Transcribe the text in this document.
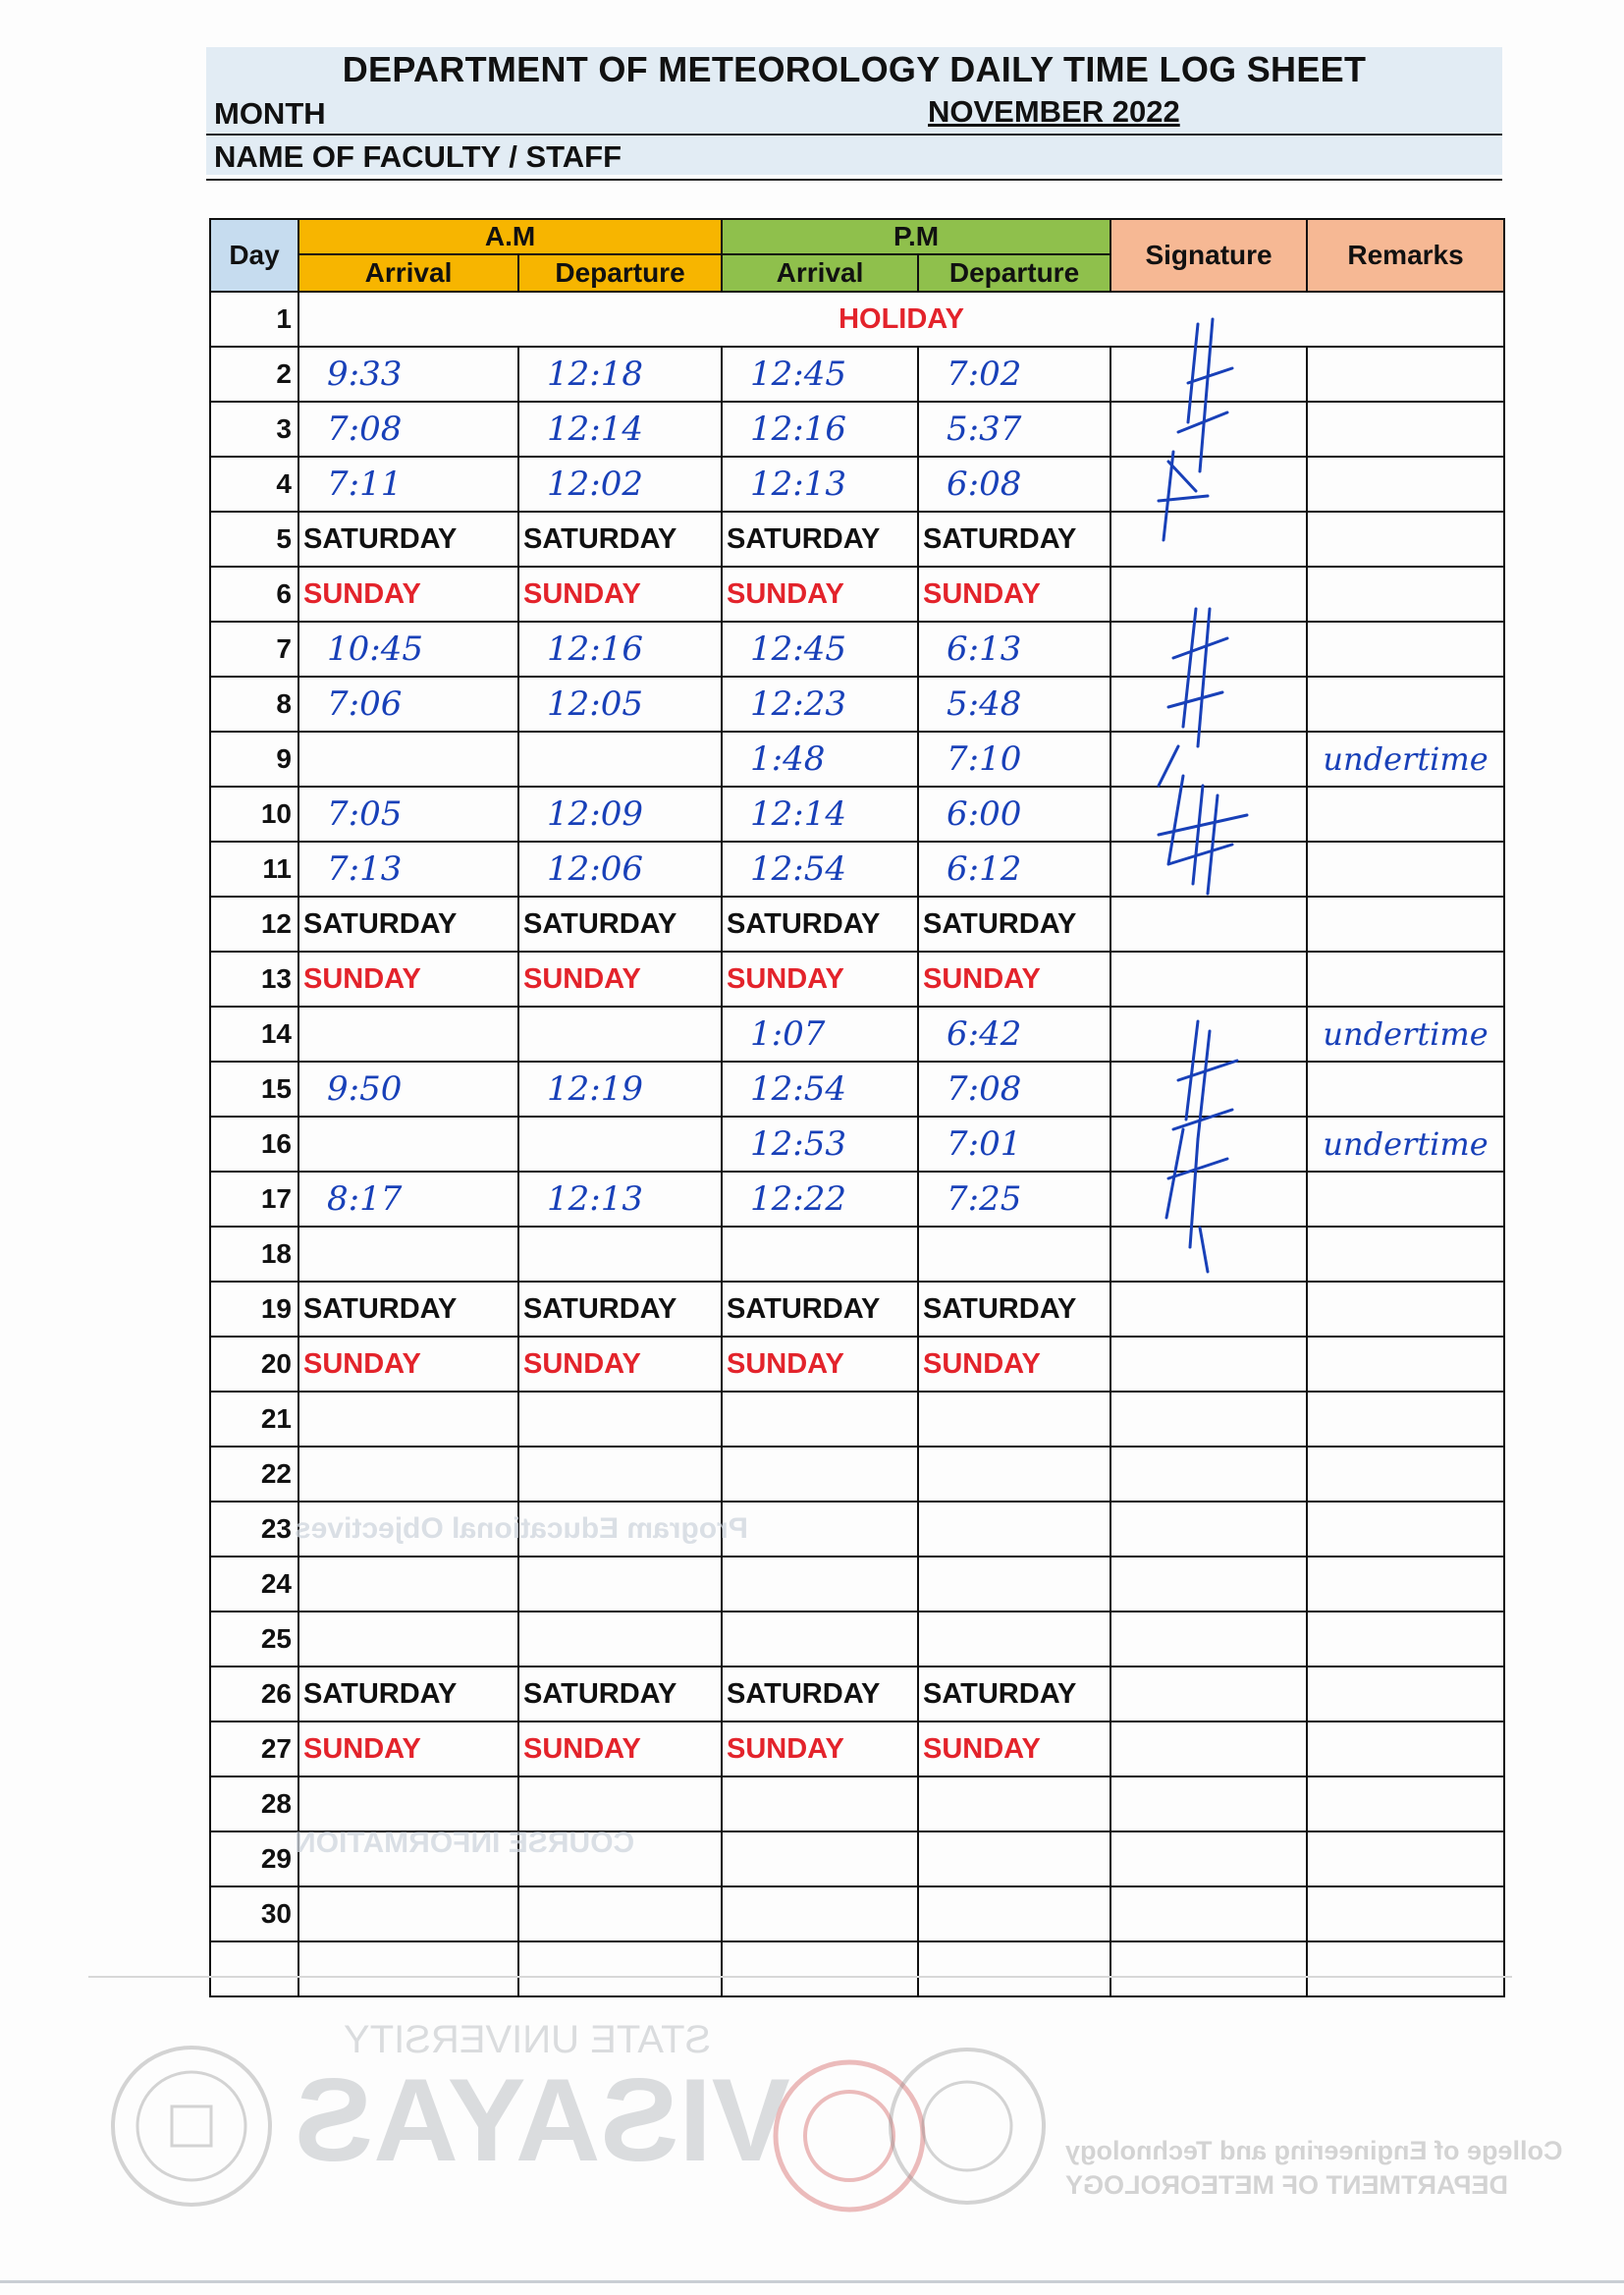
DEPARTMENT OF METEOROLOGY DAILY TIME LOG SHEET
MONTH	NOVEMBER 2022
NAME OF FACULTY / STAFF
Day	A.M		P.M		Signature	Remarks
	Arrival	Departure	Arrival	Departure		
1	HOLIDAY					
2	9:33	12:18	12:45	7:02		
3	7:08	12:14	12:16	5:37		
4	7:11	12:02	12:13	6:08		
5	SATURDAY	SATURDAY	SATURDAY	SATURDAY		
6	SUNDAY	SUNDAY	SUNDAY	SUNDAY		
7	10:45	12:16	12:45	6:13		
8	7:06	12:05	12:23	5:48		
9			1:48	7:10		undertime
10	7:05	12:09	12:14	6:00		
11	7:13	12:06	12:54	6:12		
12	SATURDAY	SATURDAY	SATURDAY	SATURDAY		
13	SUNDAY	SUNDAY	SUNDAY	SUNDAY		
14			1:07	6:42		undertime
15	9:50	12:19	12:54	7:08		
16			12:53	7:01		undertime
17	8:17	12:13	12:22	7:25		
18						
19	SATURDAY	SATURDAY	SATURDAY	SATURDAY		
20	SUNDAY	SUNDAY	SUNDAY	SUNDAY		
21						
22						
23						
24						
25						
26	SATURDAY	SATURDAY	SATURDAY	SATURDAY		
27	SUNDAY	SUNDAY	SUNDAY	SUNDAY		
28						
29						
30						

Program Educational Objectives
COURSE INFORMATION
VISAYAS
STATE UNIVERSITY
College of Engineering and Technology
DEPARTMENT OF METEOROLOGY
